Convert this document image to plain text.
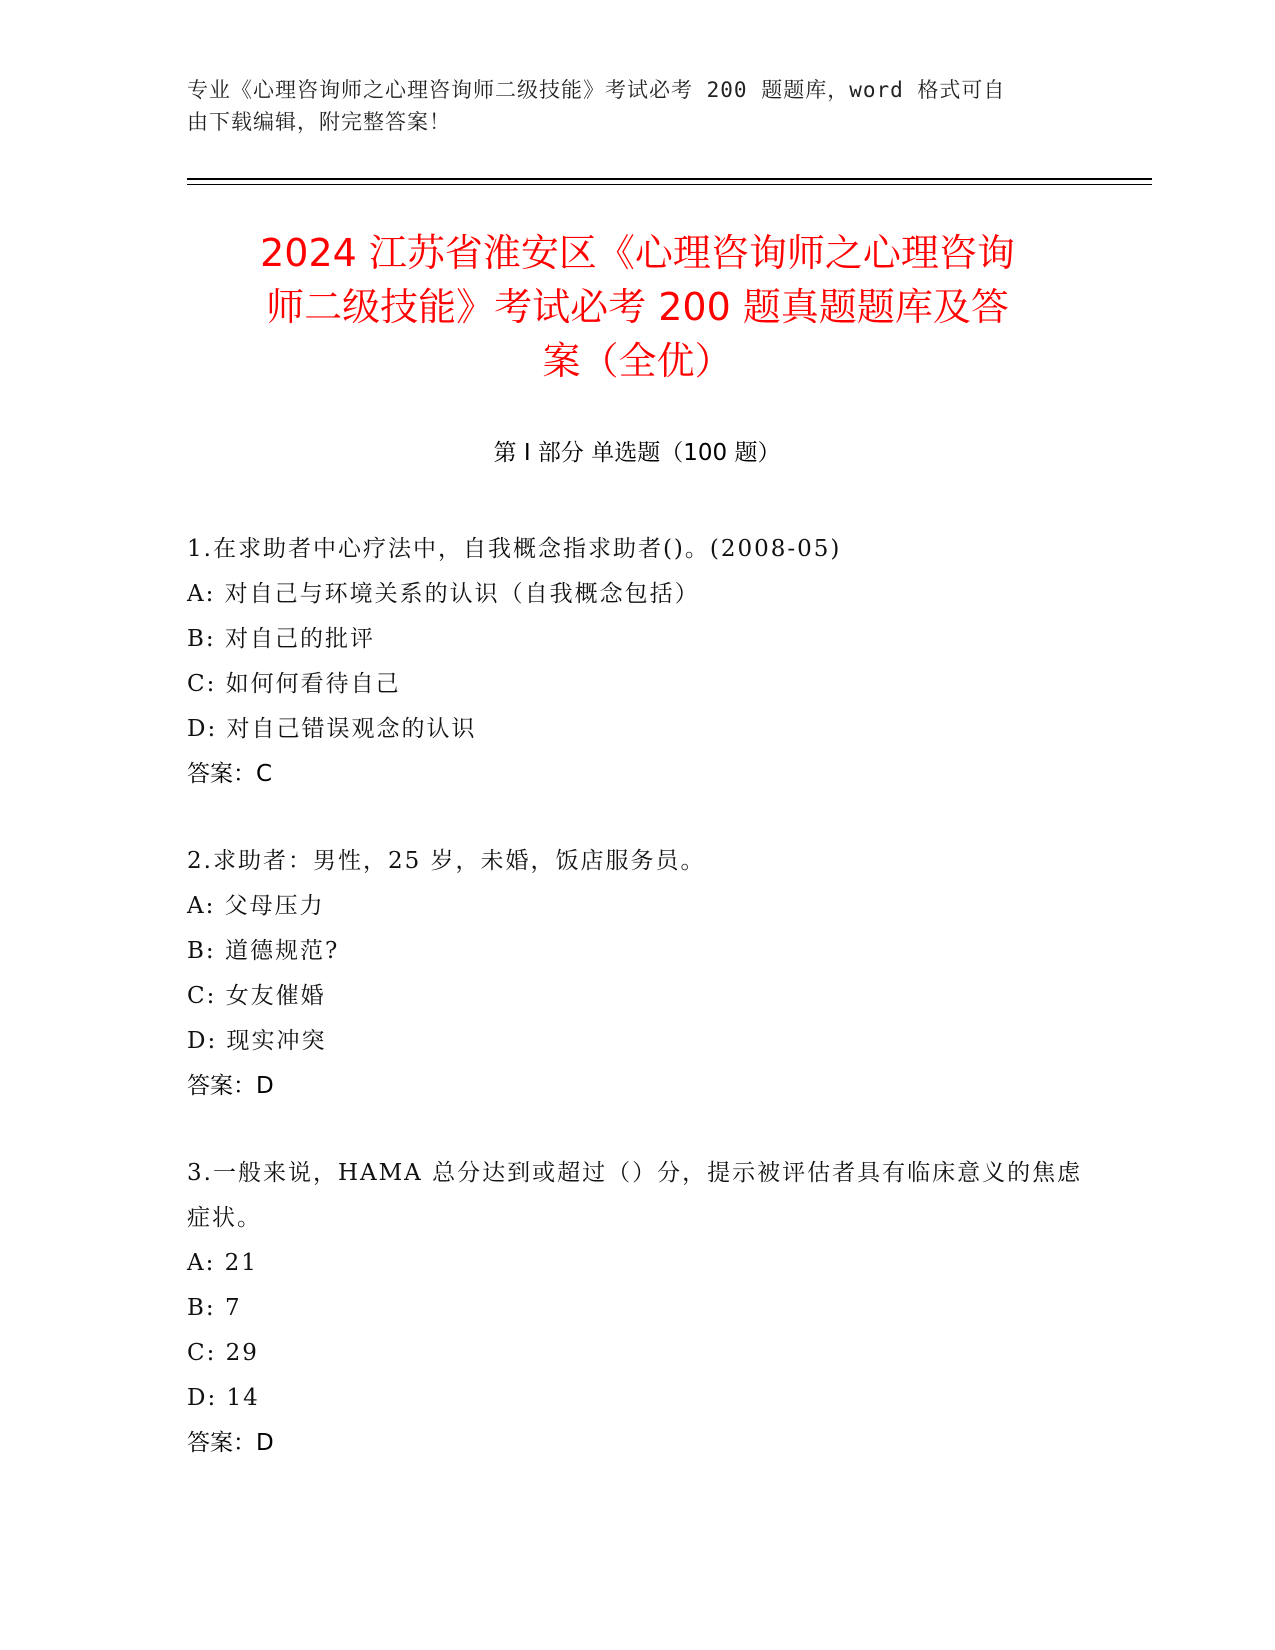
专业《心理咨询师之心理咨询师二级技能》考试必考 200 题题库，word 格式可自
由下载编辑，附完整答案！
2024 江苏省淮安区《心理咨询师之心理咨询
师二级技能》考试必考 200 题真题题库及答
案（全优）
第 I 部分 单选题（100 题）
1.在求助者中心疗法中，自我概念指求助者()。(2008-05)
A: 对自己与环境关系的认识（自我概念包括）
B: 对自己的批评
C: 如何何看待自己
D: 对自己错误观念的认识
答案：C
2.求助者：男性，25 岁，未婚，饭店服务员。
A: 父母压力
B: 道德规范?
C: 女友催婚
D: 现实冲突
答案：D
3.一般来说，HAMA 总分达到或超过（）分，提示被评估者具有临床意义的焦虑症状。
A: 21
B: 7
C: 29
D: 14
答案：D
